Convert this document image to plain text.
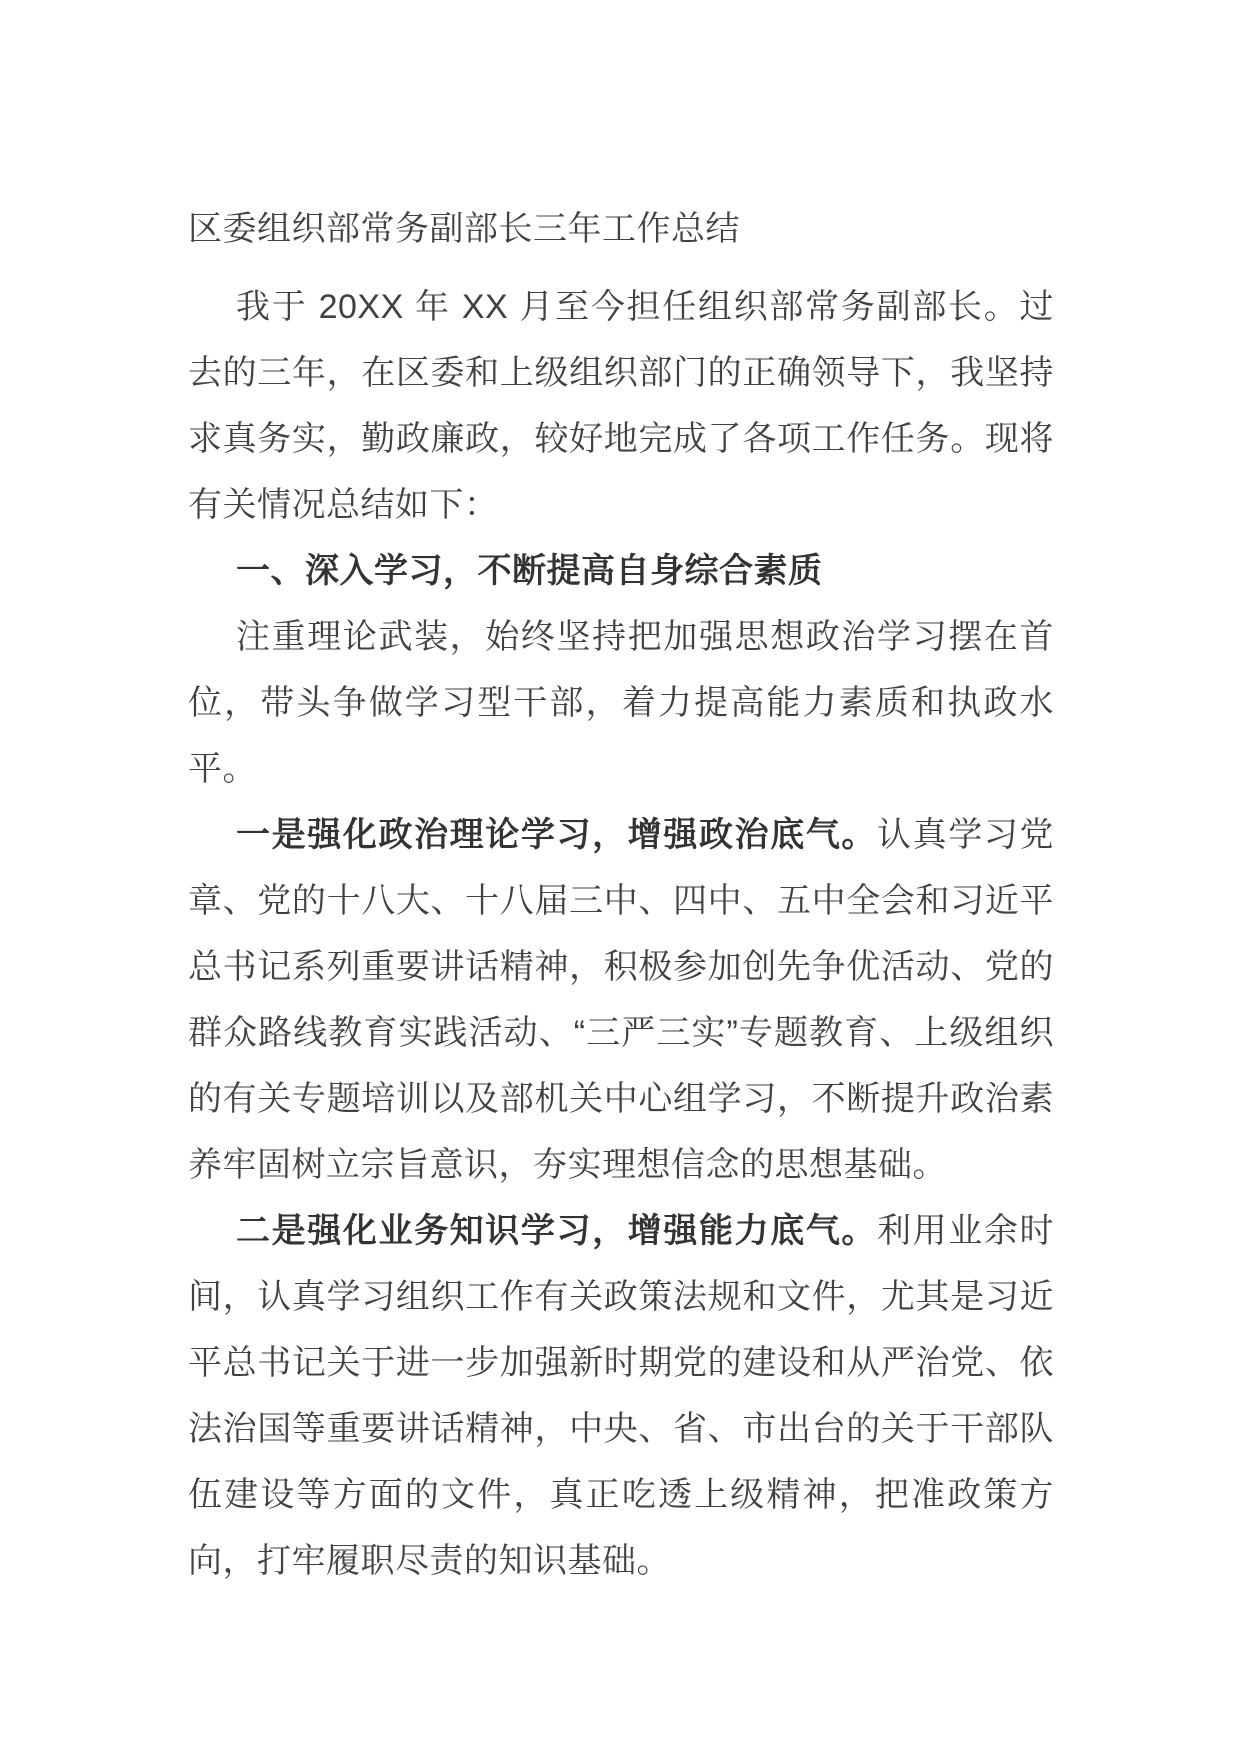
区委组织部常务副部长三年工作总结

我于 20XX 年 XX 月至今担任组织部常务副部长。过去的三年，在区委和上级组织部门的正确领导下，我坚持求真务实，勤政廉政，较好地完成了各项工作任务。现将有关情况总结如下：

一、深入学习，不断提高自身综合素质

注重理论武装，始终坚持把加强思想政治学习摆在首位，带头争做学习型干部，着力提高能力素质和执政水平。

一是强化政治理论学习，增强政治底气。认真学习党章、党的十八大、十八届三中、四中、五中全会和习近平总书记系列重要讲话精神，积极参加创先争优活动、党的群众路线教育实践活动、“三严三实”专题教育、上级组织的有关专题培训以及部机关中心组学习，不断提升政治素养牢固树立宗旨意识，夯实理想信念的思想基础。

二是强化业务知识学习，增强能力底气。利用业余时间，认真学习组织工作有关政策法规和文件，尤其是习近平总书记关于进一步加强新时期党的建设和从严治党、依法治国等重要讲话精神，中央、省、市出台的关于干部队伍建设等方面的文件，真正吃透上级精神，把准政策方向，打牢履职尽责的知识基础。
